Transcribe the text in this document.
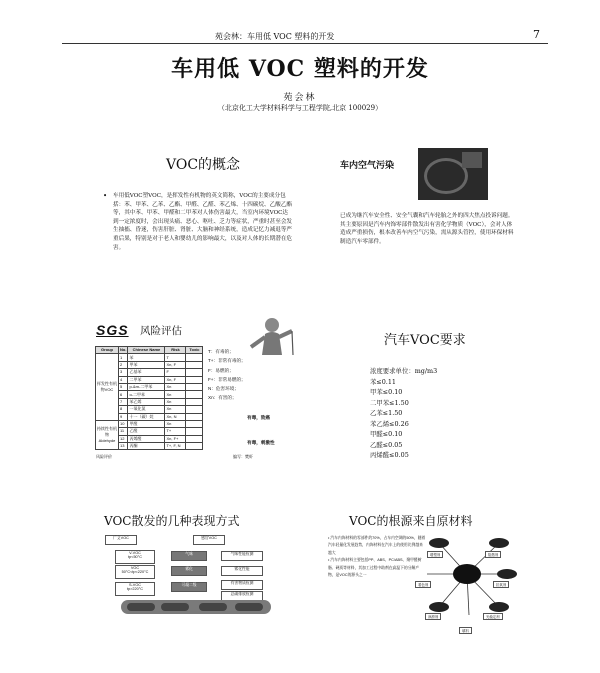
苑会林：车用低 VOC 塑料的开发	7
车用低 VOC 塑料的开发
苑会林
（北京化工大学材料科学与工程学院,北京 100029）
VOC的概念
• 车用低VOC塑VOC，是挥发性有机物的英文简称，VOC的主要成分包括：苯、甲苯、乙苯、乙酯、甲醛、乙醛、苯乙烯、十四碳烷、乙酸乙酯等，其中苯、甲苯、甲醛和二甲苯对人体伤害最大，当室内环境VOC达到一定浓度时，会出现头痛、恶心、呕吐、乏力等症状，严重时甚至会发生抽搐、昏迷，伤害肝脏、肾脏、大脑和神经系统，造成记忆力减退等严重后果，特别是对于老人和婴幼儿的影响最大，以及对人体的长期潜在危害。
车内空气污染
已成为继汽车安全性、安全气囊和汽车轮胎之外的四大焦点投诉问题。其主要原因是汽车内饰零部件散发出有害化学物质（VOC），会对人体造成严重损伤，根本改善车内空气污染，需从源头管控，使用环保材料制造汽车零部件。
SGS 风险评估
Group	No.	Chinese Name	Risk	Toxic
挥发性有机物VOC	1	苯	T	
	2	甲苯	Xn, F	
	3	乙基苯	F	
	4	二甲苯	Xn, F	
	5	p-&m-二甲苯	Xn	
	6	o-二甲苯	Xn	
	7	苯乙烯	Xn	
	8	一氧化氮	Xn	
	9	十一（碳）烷	Xn, N	
持续性有机物Aldehyde	10	甲醛	Xn	
	11	乙醛	T+	
	12	丙烯醛	Xn, F+	
	13	丙酮	T+, F, N	
T：有毒的；
T+：非常有毒的；
F：易燃的；
F+：非常易燃的；
N：危害环境；
Xn：有害的；
有毒，致癌
有毒，刺激性
风险评价	编写：樊虾
汽车VOC要求
浓度要求单位：mg/m3
苯≤0.11
甲苯≤0.10
二甲苯≤1.50
乙苯≤1.50
苯乙烯≤0.26
甲醛≤0.10
乙醛≤0.05
丙烯醛≤0.05
VOC散发的几种表现方式
广义VOC	感官VOC
V-VOC
tp<50°C
VOC
50°C<tp<220°C
S-VOC
tp>220°C
气味
雾化
可凝二级
气味性能检测
雾化性能
有害物质检测
总碳排放检测
VOC的根源来自原材料
• 汽车内饰材料的零部件约70%，占车内空调的50%，随着汽车轻量化发展趋势，内饰材料在汽车上的使用比例越来越大
• 汽车内饰材料主要包括PP、ABS、PC/ABS、聚甲醛树脂、硬质等材料，其加工过程中助剂在高温下的分解产物，是VOC的源头之一
增塑剂	阻燃剂
抗氧剂
光稳定剂
润滑剂
着色剂
填料
